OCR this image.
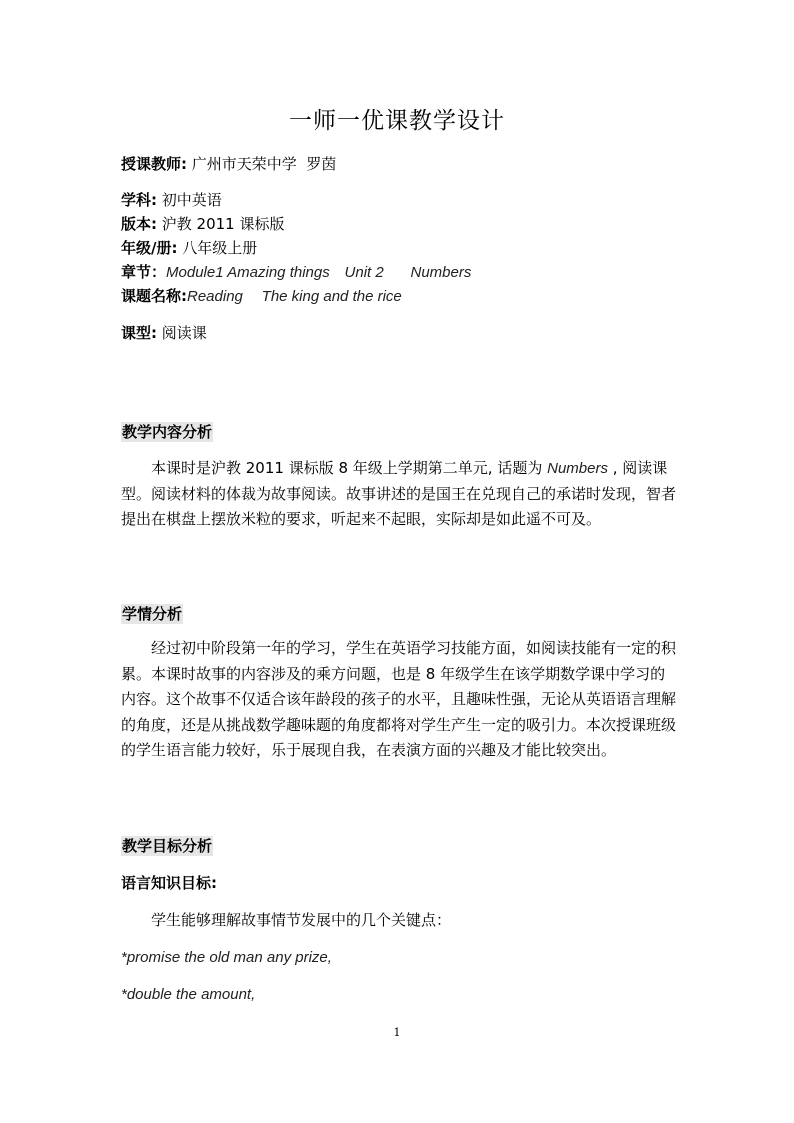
一师一优课教学设计
授课教师: 广州市天荣中学  罗茵
学科: 初中英语
版本: 沪教 2011 课标版
年级/册: 八年级上册
章节：Module1 Amazing things Unit 2 Numbers
课题名称:Reading The king and the rice
课型: 阅读课
教学内容分析

本课时是沪教 2011 课标版 8 年级上学期第二单元, 话题为 Numbers , 阅读课型。阅读材料的体裁为故事阅读。故事讲述的是国王在兑现自己的承诺时发现，智者提出在棋盘上摆放米粒的要求，听起来不起眼，实际却是如此遥不可及。

学情分析

经过初中阶段第一年的学习，学生在英语学习技能方面，如阅读技能有一定的积累。本课时故事的内容涉及的乘方问题，也是 8 年级学生在该学期数学课中学习的内容。这个故事不仅适合该年龄段的孩子的水平，且趣味性强，无论从英语语言理解的角度，还是从挑战数学趣味题的角度都将对学生产生一定的吸引力。本次授课班级的学生语言能力较好，乐于展现自我，在表演方面的兴趣及才能比较突出。

教学目标分析
语言知识目标:
学生能够理解故事情节发展中的几个关键点：
*promise the old man any prize,
*double the amount,
1
